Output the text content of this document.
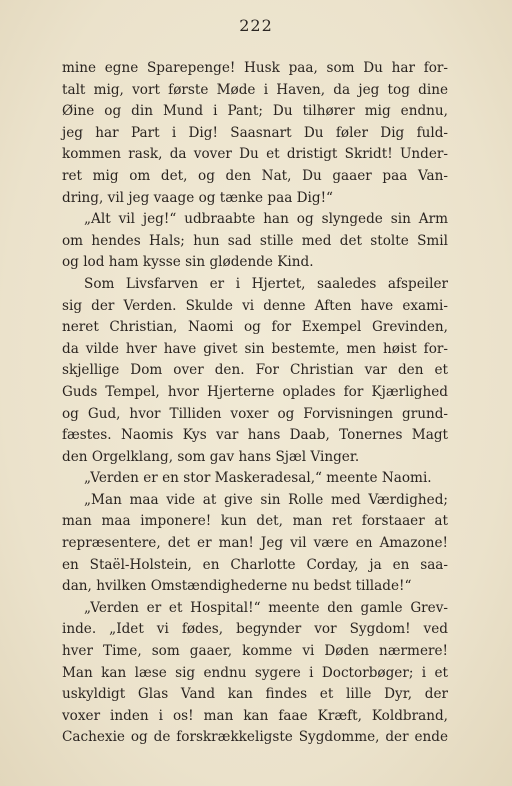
222
mine egne Sparepenge! Husk paa, som Du har for-
talt mig, vort første Møde i Haven, da jeg tog dine
Øine og din Mund i Pant; Du tilhører mig endnu,
jeg har Part i Dig! Saasnart Du føler Dig fuld-
kommen rask, da vover Du et dristigt Skridt! Under-
ret mig om det, og den Nat, Du gaaer paa Van-
dring, vil jeg vaage og tænke paa Dig!“
„Alt vil jeg!“ udbraabte han og slyngede sin Arm
om hendes Hals; hun sad stille med det stolte Smil
og lod ham kysse sin glødende Kind.
Som Livsfarven er i Hjertet, saaledes afspeiler
sig der Verden. Skulde vi denne Aften have exami-
neret Christian, Naomi og for Exempel Grevinden,
da vilde hver have givet sin bestemte, men høist for-
skjellige Dom over den. For Christian var den et
Guds Tempel, hvor Hjerterne oplades for Kjærlighed
og Gud, hvor Tilliden voxer og Forvisningen grund-
fæstes. Naomis Kys var hans Daab, Tonernes Magt
den Orgelklang, som gav hans Sjæl Vinger.
„Verden er en stor Maskeradesal,“ meente Naomi.
„Man maa vide at give sin Rolle med Værdighed;
man maa imponere! kun det, man ret forstaaer at
repræsentere, det er man! Jeg vil være en Amazone!
en Staël-Holstein, en Charlotte Corday, ja en saa-
dan, hvilken Omstændighederne nu bedst tillade!“
„Verden er et Hospital!“ meente den gamle Grev-
inde. „Idet vi fødes, begynder vor Sygdom! ved
hver Time, som gaaer, komme vi Døden nærmere!
Man kan læse sig endnu sygere i Doctorbøger; i et
uskyldigt Glas Vand kan findes et lille Dyr, der
voxer inden i os! man kan faae Kræft, Koldbrand,
Cachexie og de forskrækkeligste Sygdomme, der ende
